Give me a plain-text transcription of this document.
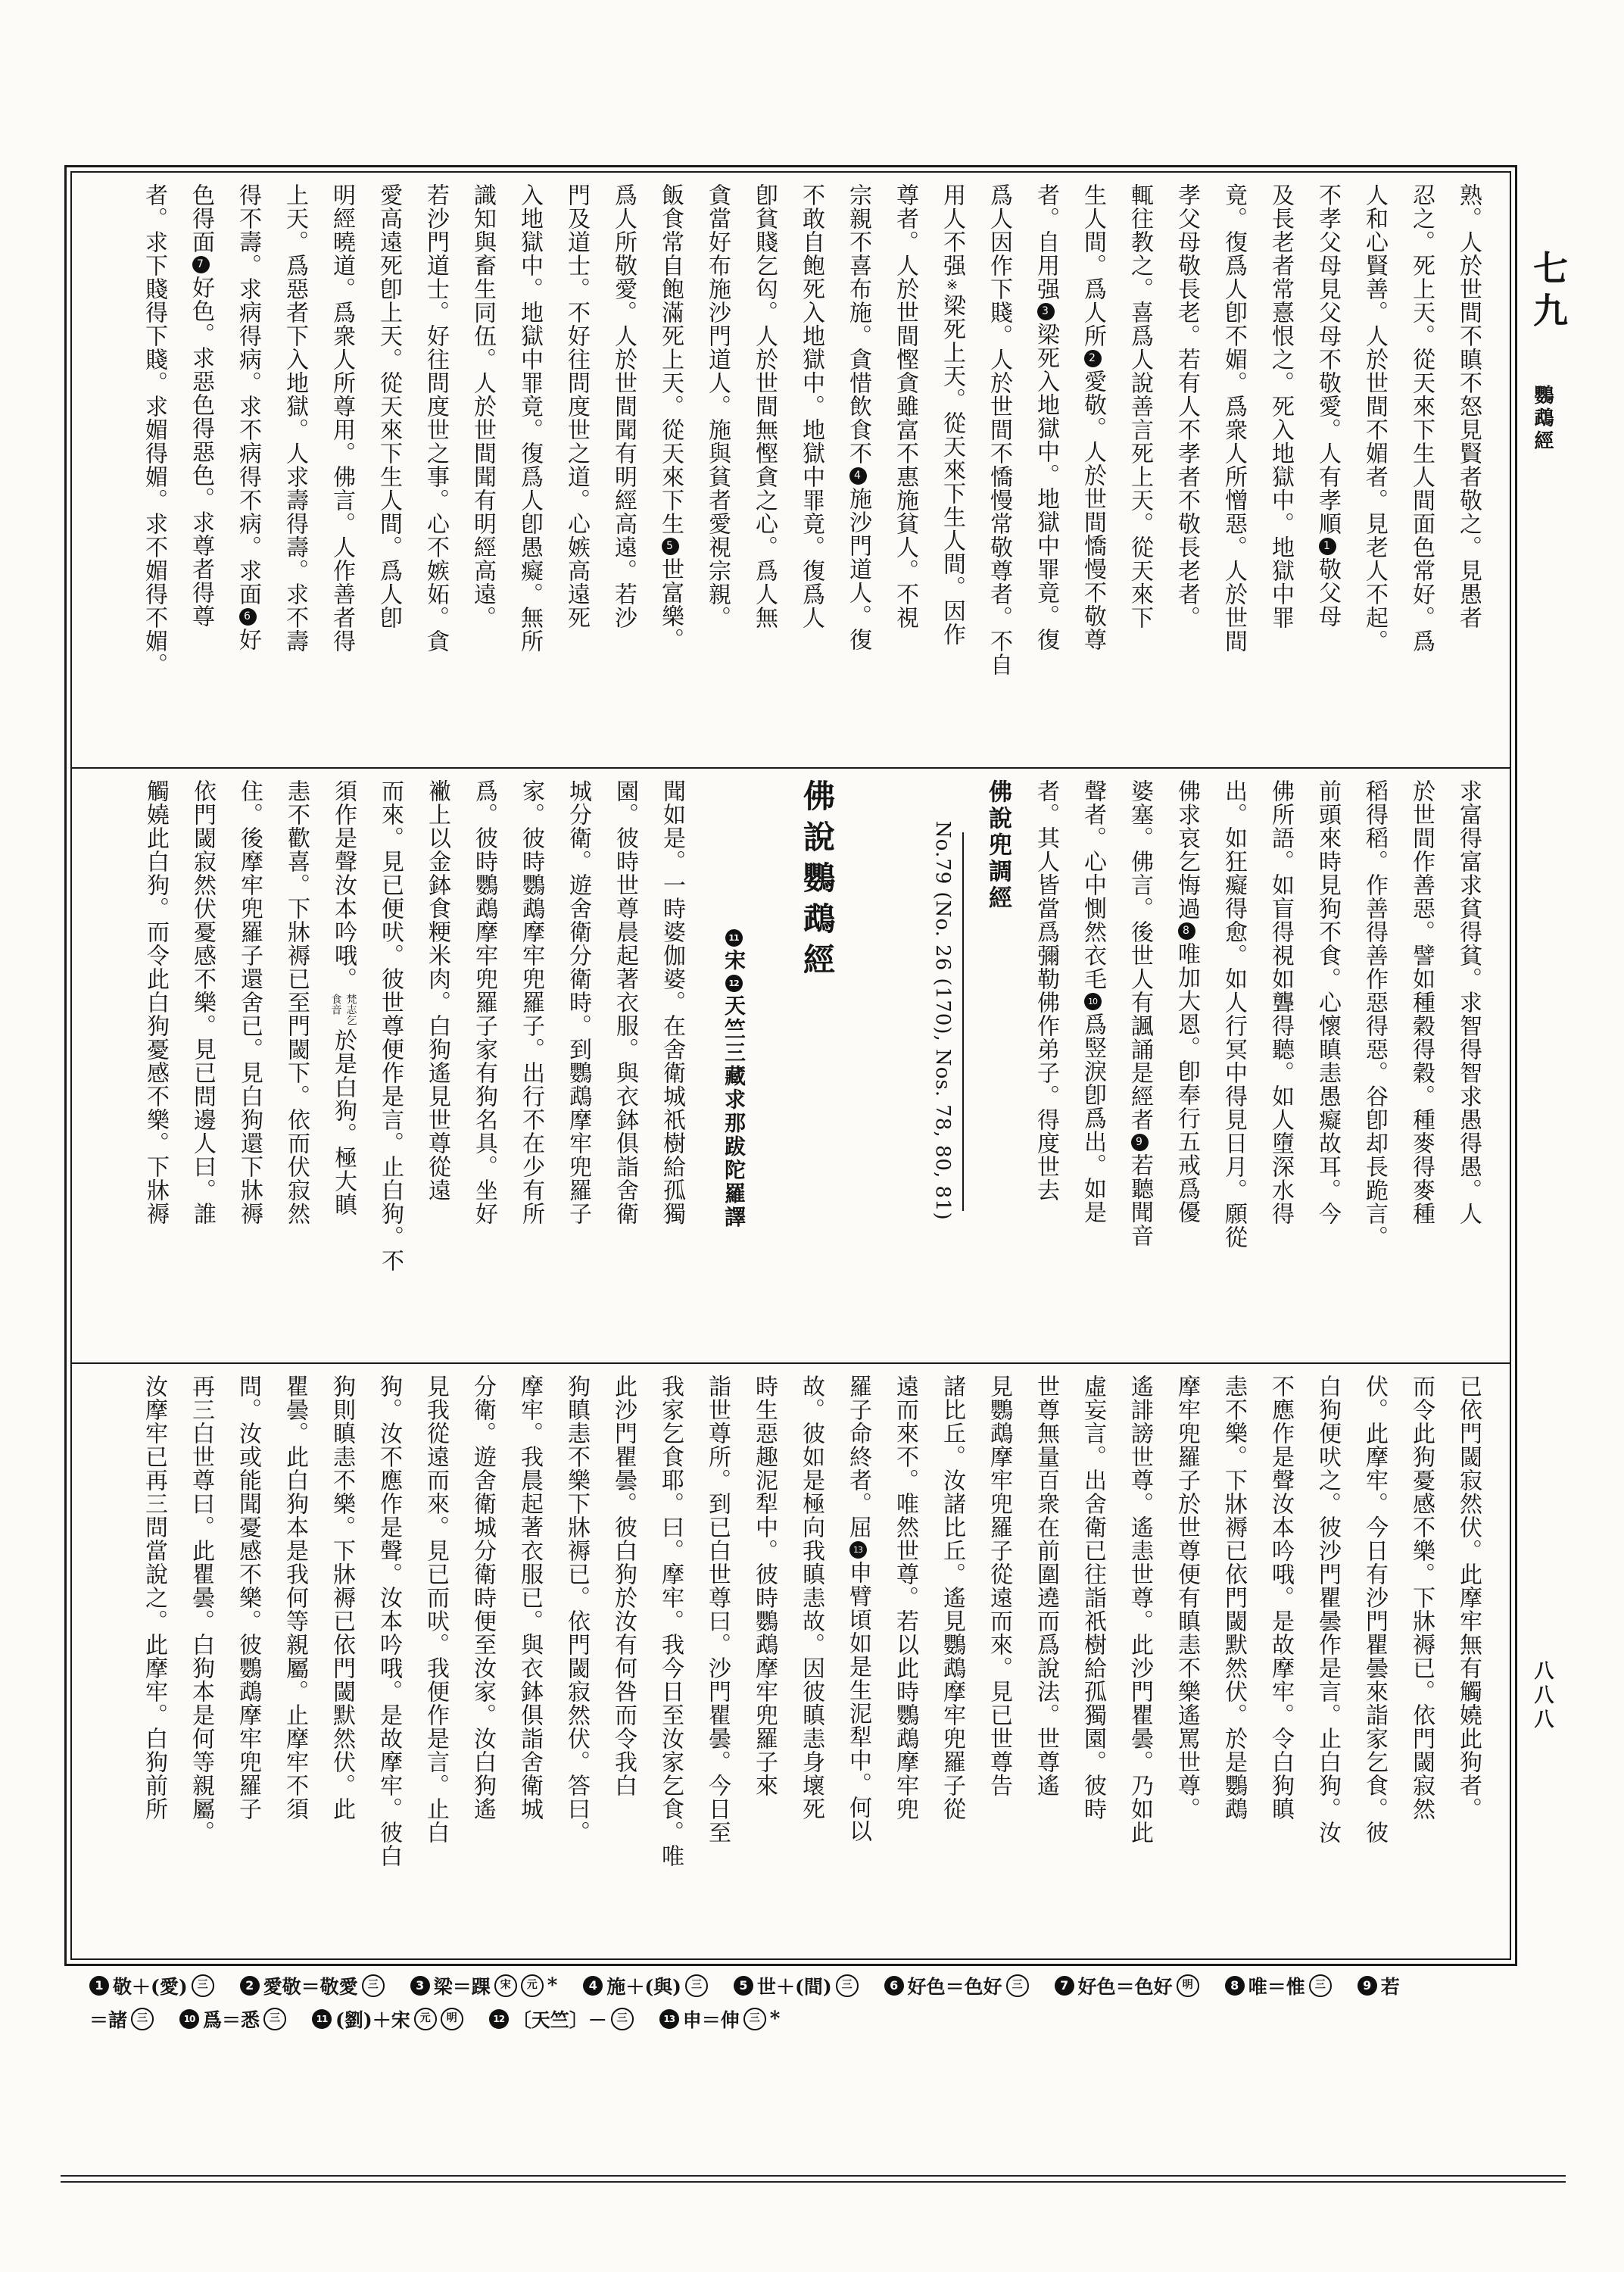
熟。人於世間不瞋不怒見賢者敬之。見愚者
忍之。死上天。從天來下生人間面色常好。爲
人和心賢善。人於世間不媚者。見老人不起。
不孝父母見父母不敬愛。人有孝順1敬父母
及長老者常憙恨之。死入地獄中。地獄中罪
竟。復爲人卽不媚。爲衆人所憎惡。人於世間
孝父母敬長老。若有人不孝者不敬長老者。
輒往教之。喜爲人說善言死上天。從天來下
生人間。爲人所2愛敬。人於世間憍慢不敬尊
者。自用强3梁死入地獄中。地獄中罪竟。復
爲人因作下賤。人於世間不憍慢常敬尊者。不自
用人不强※梁死上天。從天來下生人間。因作
尊者。人於世間慳貪雖富不惠施貧人。不視
宗親不喜布施。貪惜飲食不4施沙門道人。復
不敢自飽死入地獄中。地獄中罪竟。復爲人
卽貧賤乞匃。人於世間無慳貪之心。爲人無
貪當好布施沙門道人。施與貧者愛視宗親。
飯食常自飽滿死上天。從天來下生5世富樂。
爲人所敬愛。人於世間聞有明經高遠。若沙
門及道士。不好往問度世之道。心嫉高遠死
入地獄中。地獄中罪竟。復爲人卽愚癡。無所
識知與畜生同伍。人於世間聞有明經高遠。
若沙門道士。好往問度世之事。心不嫉妬。貪
愛高遠死卽上天。從天來下生人間。爲人卽
明經曉道。爲衆人所尊用。佛言。人作善者得
上天。爲惡者下入地獄。人求壽得壽。求不壽
得不壽。求病得病。求不病得不病。求面6好
色得面7好色。求惡色得惡色。求尊者得尊
者。求下賤得下賤。求媚得媚。求不媚得不媚。
求富得富求貧得貧。求智得智求愚得愚。人
於世間作善惡。譬如種穀得穀。種麥得麥種
稻得稻。作善得善作惡得惡。谷卽却長跪言。
前頭來時見狗不食。心懷瞋恚愚癡故耳。今
佛所語。如盲得視如聾得聽。如人墮深水得
出。如狂癡得愈。如人行冥中得見日月。願從
佛求哀乞悔過8唯加大恩。卽奉行五戒爲優
婆塞。佛言。後世人有諷誦是經者9若聽聞音
聲者。心中惻然衣毛10爲竪淚卽爲出。如是
者。其人皆當爲彌勒佛作弟子。得度世去
佛說兜調經
No.79 (No. 26 (170), Nos. 78, 80, 81)
佛說鸚鵡經
11宋12天竺三藏求那跋陀羅譯
聞如是。一時婆伽婆。在舍衛城祇樹給孤獨
園。彼時世尊晨起著衣服。與衣鉢俱詣舍衛
城分衛。遊舍衛分衛時。到鸚鵡摩牢兜羅子
家。彼時鸚鵡摩牢兜羅子。出行不在少有所
爲。彼時鸚鵡摩牢兜羅子家有狗名具。坐好
襒上以金鉢食粳米肉。白狗遙見世尊從遠
而來。見已便吠。彼世尊便作是言。止白狗。不
須作是聲汝本吟哦。
梵志乞
食音
於是白狗。極大瞋
恚不歡喜。下牀褥已至門閾下。依而伏寂然
住。後摩牢兜羅子還舍已。見白狗還下牀褥
依門閾寂然伏憂感不樂。見已問邊人曰。誰
觸嬈此白狗。而令此白狗憂感不樂。下牀褥
已依門閾寂然伏。此摩牢無有觸嬈此狗者。
而令此狗憂感不樂。下牀褥已。依門閾寂然
伏。此摩牢。今日有沙門瞿曇來詣家乞食。彼
白狗便吠之。彼沙門瞿曇作是言。止白狗。汝
不應作是聲汝本吟哦。是故摩牢。令白狗瞋
恚不樂。下牀褥已依門閾默然伏。於是鸚鵡
摩牢兜羅子於世尊便有瞋恚不樂遙罵世尊。
遙誹謗世尊。遙恚世尊。此沙門瞿曇。乃如此
虛妄言。出舍衛已往詣祇樹給孤獨園。彼時
世尊無量百衆在前圍遶而爲說法。世尊遙
見鸚鵡摩牢兜羅子從遠而來。見已世尊告
諸比丘。汝諸比丘。遙見鸚鵡摩牢兜羅子從
遠而來不。唯然世尊。若以此時鸚鵡摩牢兜
羅子命終者。屈13申臂頃如是生泥犁中。何以
故。彼如是極向我瞋恚故。因彼瞋恚身壞死
時生惡趣泥犁中。彼時鸚鵡摩牢兜羅子來
詣世尊所。到已白世尊曰。沙門瞿曇。今日至
我家乞食耶。曰。摩牢。我今日至汝家乞食。唯
此沙門瞿曇。彼白狗於汝有何咎而令我白
狗瞋恚不樂下牀褥已。依門閾寂然伏。答曰。
摩牢。我晨起著衣服已。與衣鉢俱詣舍衛城
分衛。遊舍衛城分衛時便至汝家。汝白狗遙
見我從遠而來。見已而吠。我便作是言。止白
狗。汝不應作是聲。汝本吟哦。是故摩牢。彼白
狗則瞋恚不樂。下牀褥已依門閾默然伏。此
瞿曇。此白狗本是我何等親屬。止摩牢不須
問。汝或能聞憂感不樂。彼鸚鵡摩牢兜羅子
再三白世尊曰。此瞿曇。白狗本是何等親屬。
汝摩牢已再三問當說之。此摩牢。白狗前所
七九
鸚鵡經
八八八
1 敬＋(愛) 三	2 愛敬＝敬愛 三	3 梁＝踝 宋	元 *	4 施＋(與) 三	5 世＋(間) 三	6 好色＝色好 三	7 好色＝色好 明	8 唯＝惟 三	9 若
＝諸 三	10 爲＝悉 三	11 (劉)＋宋 元	明	12 〔天竺〕－ 三	13 申＝伸 三 *
